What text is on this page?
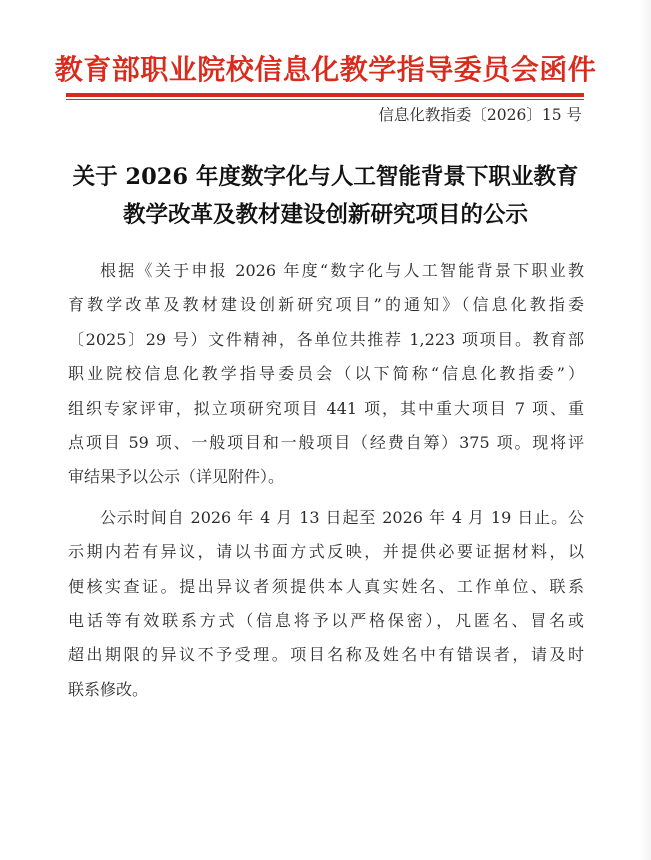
教育部职业院校信息化教学指导委员会函件
信息化教指委〔2026〕15 号
关于 2026 年度数字化与人工智能背景下职业教育
教学改革及教材建设创新研究项目的公示
根据《关于申报 2026 年度“数字化与人工智能背景下职业教
育教学改革及教材建设创新研究项目”的通知》（信息化教指委
〔2025〕29 号）文件精神，各单位共推荐 1,223 项项目。教育部
职业院校信息化教学指导委员会（以下简称“信息化教指委”）
组织专家评审，拟立项研究项目 441 项，其中重大项目 7 项、重
点项目 59 项、一般项目和一般项目（经费自筹）375 项。现将评
审结果予以公示（详见附件）。
公示时间自 2026 年 4 月 13 日起至 2026 年 4 月 19 日止。公
示期内若有异议，请以书面方式反映，并提供必要证据材料，以
便核实查证。提出异议者须提供本人真实姓名、工作单位、联系
电话等有效联系方式（信息将予以严格保密），凡匿名、冒名或
超出期限的异议不予受理。项目名称及姓名中有错误者，请及时
联系修改。
